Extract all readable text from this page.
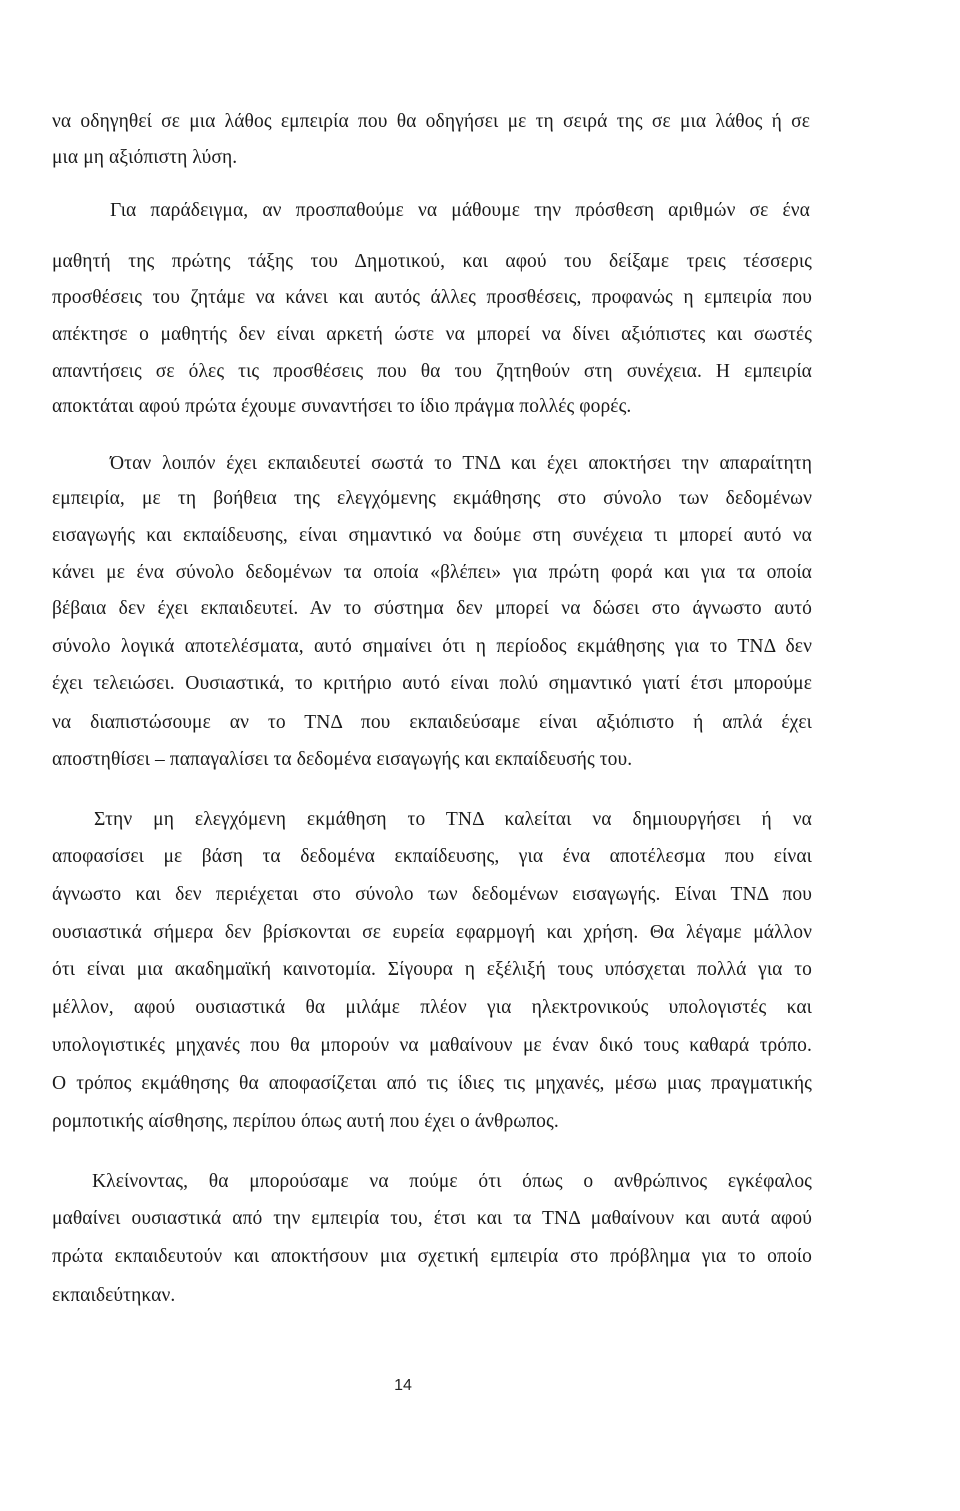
να οδηγηθεί σε μια λάθος εμπειρία που θα οδηγήσει με τη σειρά της σε μια λάθος ή σε
μια μη αξιόπιστη λύση.
Για παράδειγμα, αν προσπαθούμε να μάθουμε την πρόσθεση αριθμών σε ένα
μαθητή της πρώτης τάξης του Δημοτικού, και αφού του δείξαμε τρεις τέσσερις
προσθέσεις του ζητάμε να κάνει και αυτός άλλες προσθέσεις, προφανώς η εμπειρία που
απέκτησε ο μαθητής δεν είναι αρκετή ώστε να μπορεί να δίνει αξιόπιστες και σωστές
απαντήσεις σε όλες τις προσθέσεις που θα του ζητηθούν στη συνέχεια. Η εμπειρία
αποκτάται αφού πρώτα έχουμε συναντήσει το ίδιο πράγμα πολλές φορές.
Όταν λοιπόν έχει εκπαιδευτεί σωστά το ΤΝΔ και έχει αποκτήσει την απαραίτητη
εμπειρία, με τη βοήθεια της ελεγχόμενης εκμάθησης στο σύνολο των δεδομένων
εισαγωγής και εκπαίδευσης, είναι σημαντικό να δούμε στη συνέχεια τι μπορεί αυτό να
κάνει με ένα σύνολο δεδομένων τα οποία «βλέπει» για πρώτη φορά και για τα οποία
βέβαια δεν έχει εκπαιδευτεί. Αν το σύστημα δεν μπορεί να δώσει στο άγνωστο αυτό
σύνολο λογικά αποτελέσματα, αυτό σημαίνει ότι η περίοδος εκμάθησης για το ΤΝΔ δεν
έχει τελειώσει. Ουσιαστικά, το κριτήριο αυτό είναι πολύ σημαντικό γιατί έτσι μπορούμε
να διαπιστώσουμε αν το ΤΝΔ που εκπαιδεύσαμε είναι αξιόπιστο ή απλά έχει
αποστηθίσει – παπαγαλίσει τα δεδομένα εισαγωγής και εκπαίδευσής του.
Στην μη ελεγχόμενη εκμάθηση το ΤΝΔ καλείται να δημιουργήσει ή να
αποφασίσει με βάση τα δεδομένα εκπαίδευσης, για ένα αποτέλεσμα που είναι
άγνωστο και δεν περιέχεται στο σύνολο των δεδομένων εισαγωγής. Είναι ΤΝΔ που
ουσιαστικά σήμερα δεν βρίσκονται σε ευρεία εφαρμογή και χρήση. Θα λέγαμε μάλλον
ότι είναι μια ακαδημαϊκή καινοτομία. Σίγουρα η εξέλιξή τους υπόσχεται πολλά για το
μέλλον, αφού ουσιαστικά θα μιλάμε πλέον για ηλεκτρονικούς υπολογιστές και
υπολογιστικές μηχανές που θα μπορούν να μαθαίνουν με έναν δικό τους καθαρά τρόπο.
Ο τρόπος εκμάθησης θα αποφασίζεται από τις ίδιες τις μηχανές, μέσω μιας πραγματικής
ρομποτικής αίσθησης, περίπου όπως αυτή που έχει ο άνθρωπος.
Κλείνοντας, θα μπορούσαμε να πούμε ότι όπως ο ανθρώπινος εγκέφαλος
μαθαίνει ουσιαστικά από την εμπειρία του, έτσι και τα ΤΝΔ μαθαίνουν και αυτά αφού
πρώτα εκπαιδευτούν και αποκτήσουν μια σχετική εμπειρία στο πρόβλημα για το οποίο
εκπαιδεύτηκαν.
14
